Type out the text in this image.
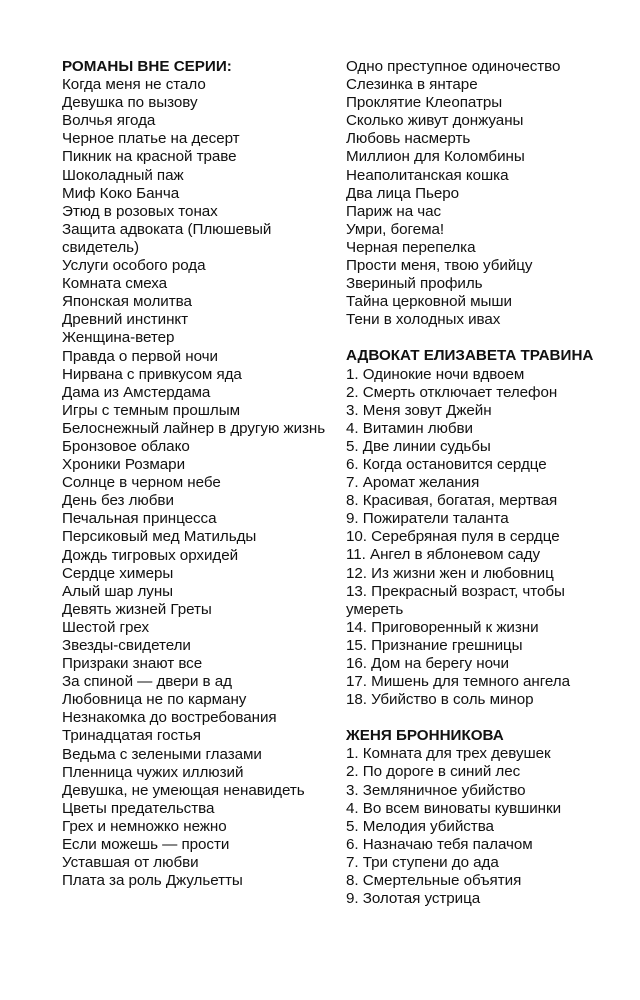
РОМАНЫ ВНЕ СЕРИИ:
Когда меня не стало
Девушка по вызову
Волчья ягода
Черное платье на десерт
Пикник на красной траве
Шоколадный паж
Миф Коко Банча
Этюд в розовых тонах
Защита адвоката (Плюшевый свидетель)
Услуги особого рода
Комната смеха
Японская молитва
Древний инстинкт
Женщина-ветер
Правда о первой ночи
Нирвана с привкусом яда
Дама из Амстердама
Игры с темным прошлым
Белоснежный лайнер в другую жизнь
Бронзовое облако
Хроники Розмари
Солнце в черном небе
День без любви
Печальная принцесса
Персиковый мед Матильды
Дождь тигровых орхидей
Сердце химеры
Алый шар луны
Девять жизней Греты
Шестой грех
Звезды-свидетели
Призраки знают все
За спиной — двери в ад
Любовница не по карману
Незнакомка до востребования
Тринадцатая гостья
Ведьма с зелеными глазами
Пленница чужих иллюзий
Девушка, не умеющая ненавидеть
Цветы предательства
Грех и немножко нежно
Если можешь — прости
Уставшая от любви
Плата за роль Джульетты
Одно преступное одиночество
Слезинка в янтаре
Проклятие Клеопатры
Сколько живут донжуаны
Любовь насмерть
Миллион для Коломбины
Неаполитанская кошка
Два лица Пьеро
Париж на час
Умри, богема!
Черная перепелка
Прости меня, твою убийцу
Звериный профиль
Тайна церковной мыши
Тени в холодных ивах
АДВОКАТ ЕЛИЗАВЕТА ТРАВИНА
1. Одинокие ночи вдвоем
2. Смерть отключает телефон
3. Меня зовут Джейн
4. Витамин любви
5. Две линии судьбы
6. Когда остановится сердце
7. Аромат желания
8. Красивая, богатая, мертвая
9. Пожиратели таланта
10. Серебряная пуля в сердце
11. Ангел в яблоневом саду
12. Из жизни жен и любовниц
13. Прекрасный возраст, чтобы умереть
14. Приговоренный к жизни
15. Признание грешницы
16. Дом на берегу ночи
17. Мишень для темного ангела
18. Убийство в соль минор
ЖЕНЯ БРОННИКОВА
1. Комната для трех девушек
2. По дороге в синий лес
3. Земляничное убийство
4. Во всем виноваты кувшинки
5. Мелодия убийства
6. Назначаю тебя палачом
7. Три ступени до ада
8. Смертельные объятия
9. Золотая устрица
